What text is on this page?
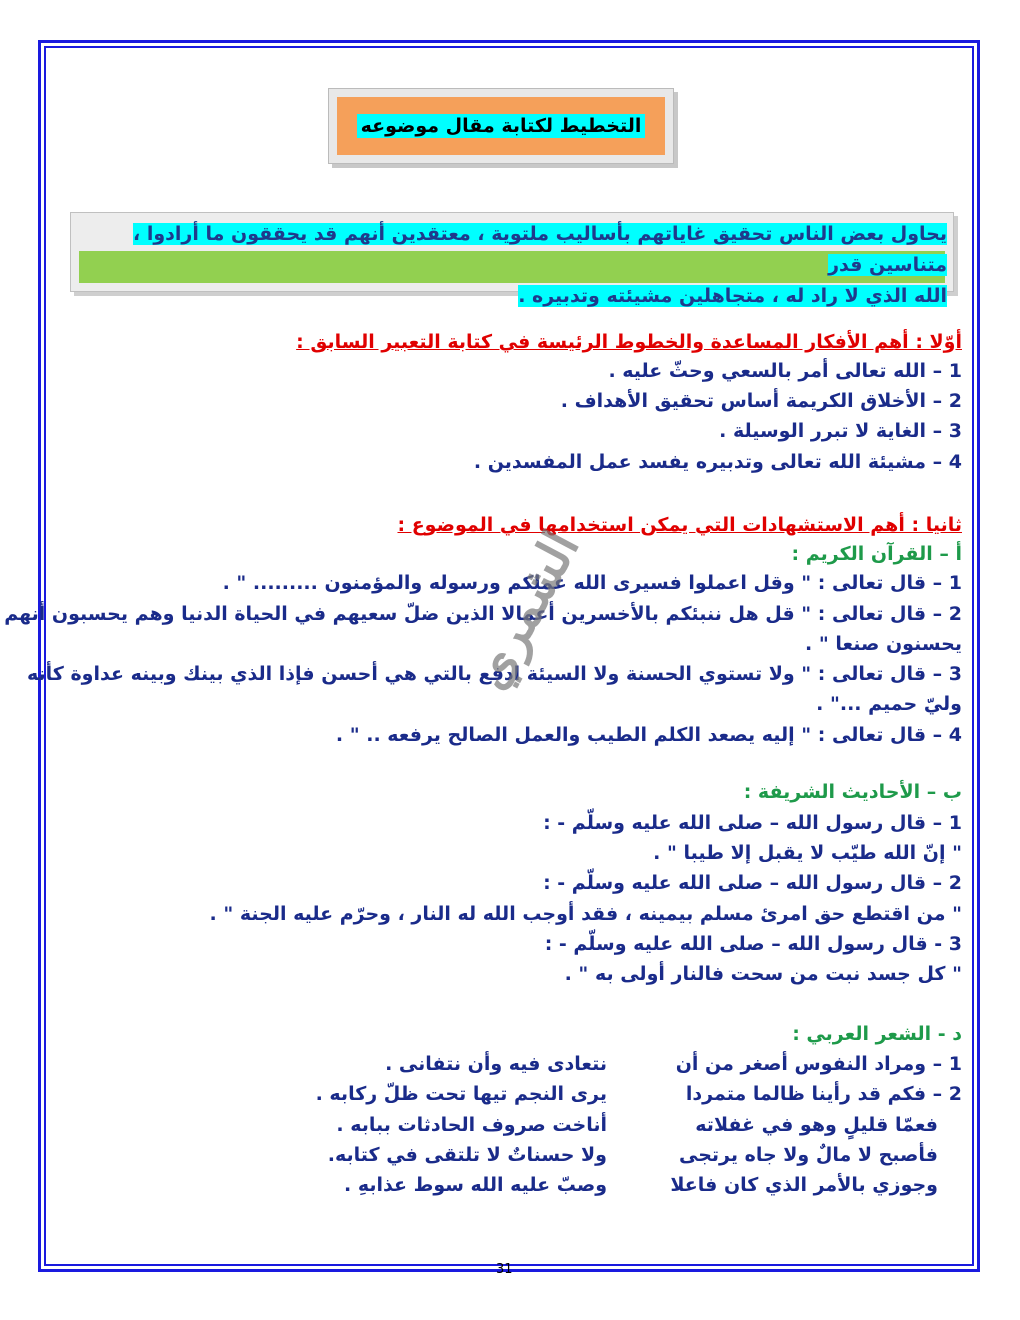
التخطيط لكتابة مقال موضوعه
يحاول بعض الناس تحقيق غاياتهم بأساليب ملتوية ، معتقدين أنهم قد يحققون ما أرادوا ، متناسين قدر
الله الذي لا راد له ، متجاهلين مشيئته وتدبيره .
أوّلا : أهم الأفكار المساعدة والخطوط الرئيسة في كتابة التعبير السابق :
1 – الله تعالى أمر بالسعي وحثّ عليه .
2 – الأخلاق الكريمة أساس تحقيق الأهداف .
3 – الغاية لا تبرر الوسيلة .
4 – مشيئة الله تعالى وتدبيره يفسد عمل المفسدين .
ثانيا : أهم الاستشهادات التي يمكن استخدامها في الموضوع :
أ – القرآن الكريم :
1 – قال تعالى : " وقل اعملوا فسيرى الله عملكم ورسوله والمؤمنون ......... " .
2 – قال تعالى : " قل هل ننبئكم بالأخسرين أعمالا الذين ضلّ سعيهم في الحياة الدنيا وهم يحسبون أنهم
يحسنون صنعا " .
3 – قال تعالى : " ولا تستوي الحسنة ولا السيئة ادفع بالتي هي أحسن فإذا الذي بينك وبينه عداوة كأنه
وليّ حميم ..." .
4 – قال تعالى : " إليه يصعد الكلم الطيب والعمل الصالح يرفعه .. " .
ب – الأحاديث الشريفة :
1 – قال رسول الله – صلى الله عليه وسلّم - :
" إنّ الله طيّب لا يقبل إلا طيبا " .
2 – قال رسول الله – صلى الله عليه وسلّم - :
" من اقتطع حق امرئ مسلم بيمينه ، فقد أوجب الله له النار ، وحرّم عليه الجنة " .
3 - قال رسول الله – صلى الله عليه وسلّم - :
" كل جسد نبت من سحت فالنار أولى به " .
د - الشعر العربي :
1 – ومراد النفوس أصغر من أن
نتعادى فيه وأن نتفانى .
2 – فكم قد رأينا ظالما متمردا
يرى النجم تيها تحت ظلّ ركابه .
فعمّا قليلٍ وهو في غفلاته
أناخت صروف الحادثات ببابه .
فأصبح لا مالٌ ولا جاه يرتجى
ولا حسناتٌ لا تلتقى في كتابه.
وجوزي بالأمر الذي كان فاعلا
وصبّ عليه الله سوط عذابهِ .
الشمري
31
